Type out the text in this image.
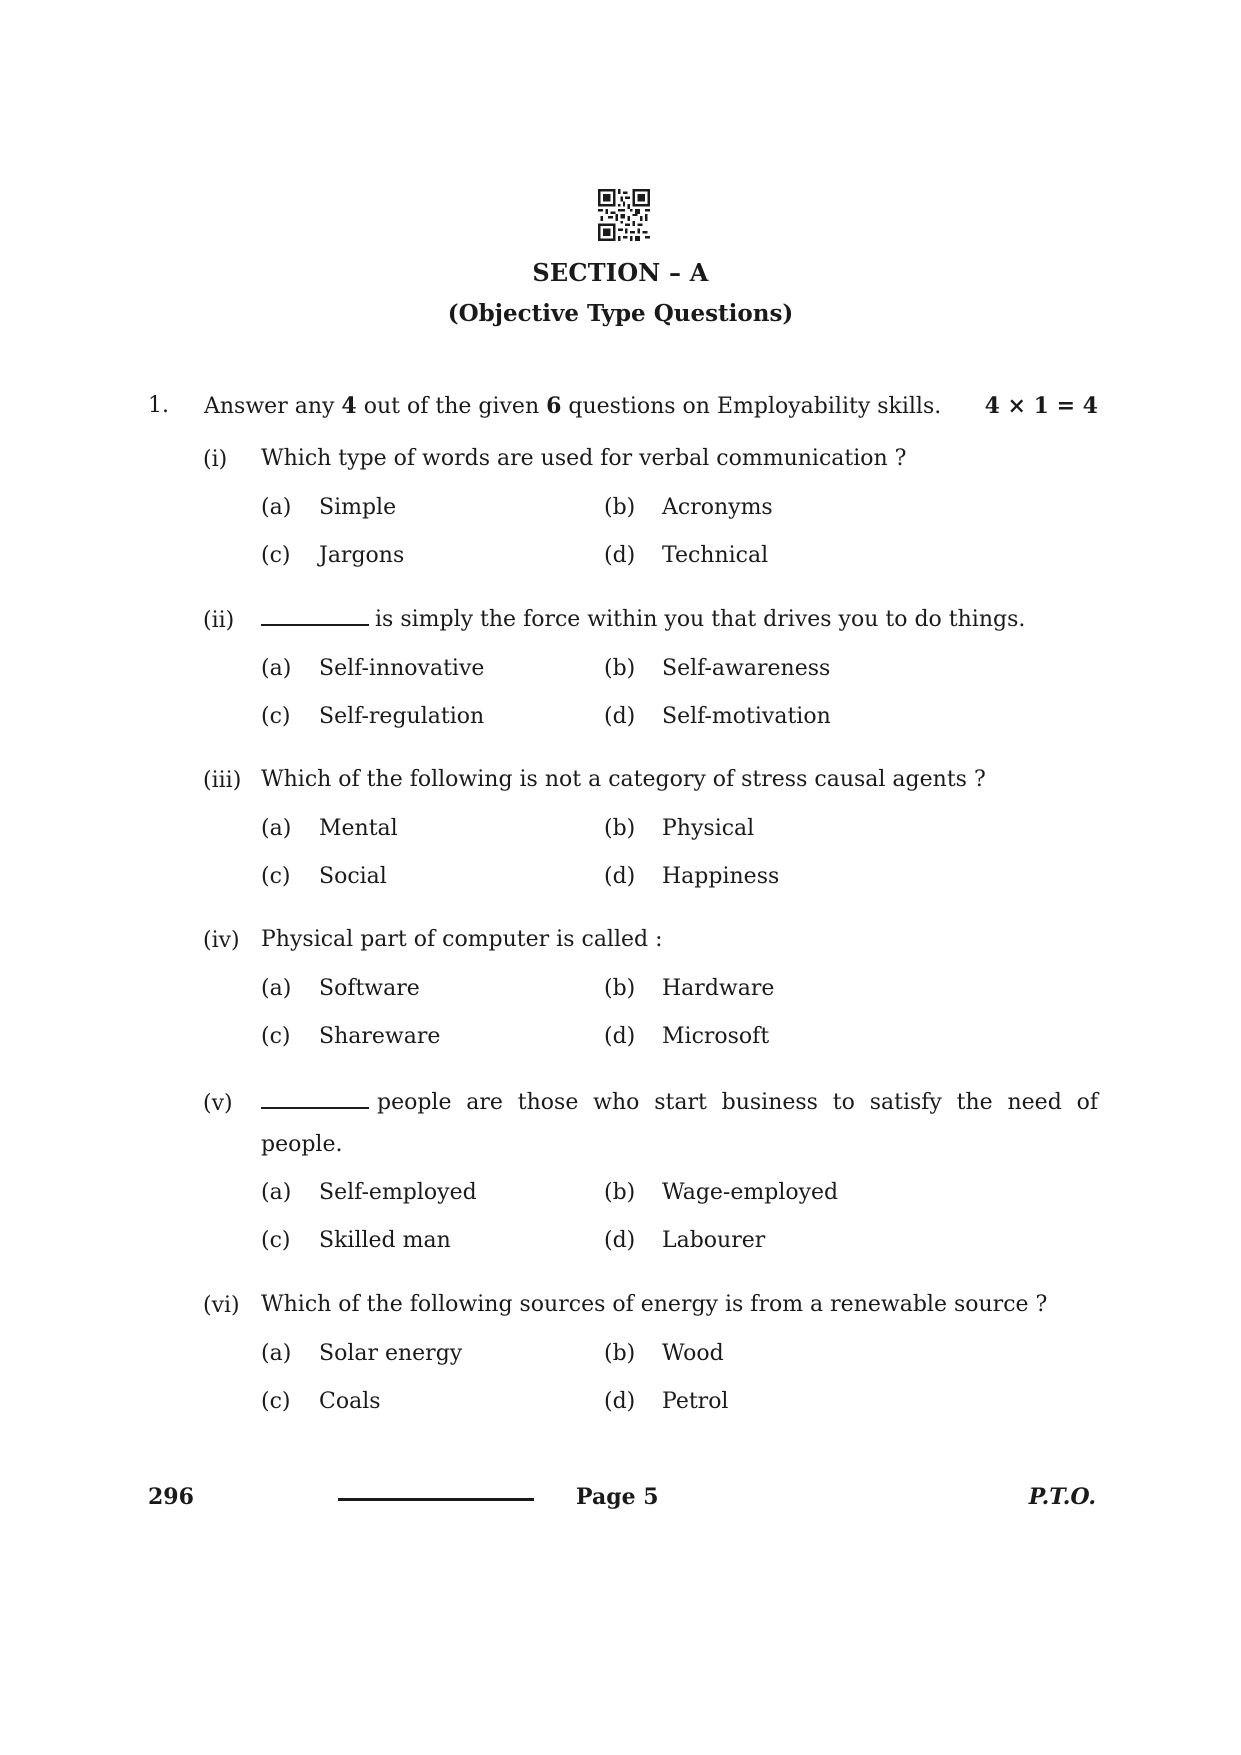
SECTION – A
(Objective Type Questions)
1. Answer any 4 out of the given 6 questions on Employability skills. 4 × 1 = 4
(i) Which type of words are used for verbal communication ?
(a) Simple	(b) Acronyms
(c) Jargons	(d) Technical
(ii)	is simply the force within you that drives you to do things.
(a) Self-innovative	(b) Self-awareness
(c) Self-regulation	(d) Self-motivation
(iii) Which of the following is not a category of stress causal agents ?
(a) Mental	(b) Physical
(c) Social	(d) Happiness
(iv) Physical part of computer is called :
(a) Software	(b) Hardware
(c) Shareware	(d) Microsoft
(v)	people are those who start business to satisfy the need of
people.
(a) Self-employed	(b) Wage-employed
(c) Skilled man	(d) Labourer
(vi) Which of the following sources of energy is from a renewable source ?
(a) Solar energy	(b) Wood
(c) Coals	(d) Petrol
296	Page 5	P.T.O.
